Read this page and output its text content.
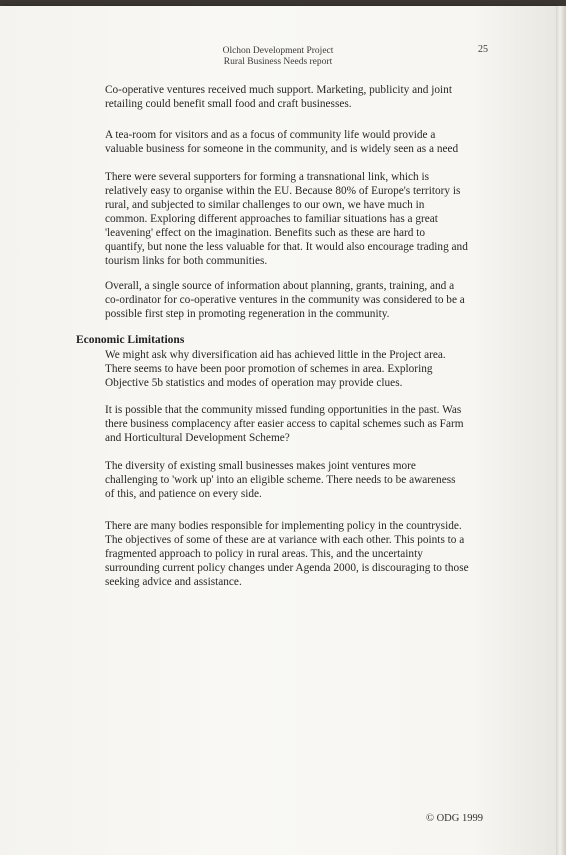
Olchon Development Project
Rural Business Needs report
25

Co-operative ventures received much support. Marketing, publicity and joint
retailing could benefit small food and craft businesses.

A tea-room for visitors and as a focus of community life would provide a
valuable business for someone in the community, and is widely seen as a need

There were several supporters for forming a transnational link, which is
relatively easy to organise within the EU. Because 80% of Europe's territory is
rural, and subjected to similar challenges to our own, we have much in
common. Exploring different approaches to familiar situations has a great
'leavening' effect on the imagination. Benefits such as these are hard to
quantify, but none the less valuable for that. It would also encourage trading and
tourism links for both communities.

Overall, a single source of information about planning, grants, training, and a
co-ordinator for co-operative ventures in the community was considered to be a
possible first step in promoting regeneration in the community.

Economic Limitations

We might ask why diversification aid has achieved little in the Project area.
There seems to have been poor promotion of schemes in area. Exploring
Objective 5b statistics and modes of operation may provide clues.

It is possible that the community missed funding opportunities in the past. Was
there business complacency after easier access to capital schemes such as Farm
and Horticultural Development Scheme?

The diversity of existing small businesses makes joint ventures more
challenging to 'work up' into an eligible scheme. There needs to be awareness
of this, and patience on every side.

There are many bodies responsible for implementing policy in the countryside.
The objectives of some of these are at variance with each other. This points to a
fragmented approach to policy in rural areas. This, and the uncertainty
surrounding current policy changes under Agenda 2000, is discouraging to those
seeking advice and assistance.

© ODG 1999
